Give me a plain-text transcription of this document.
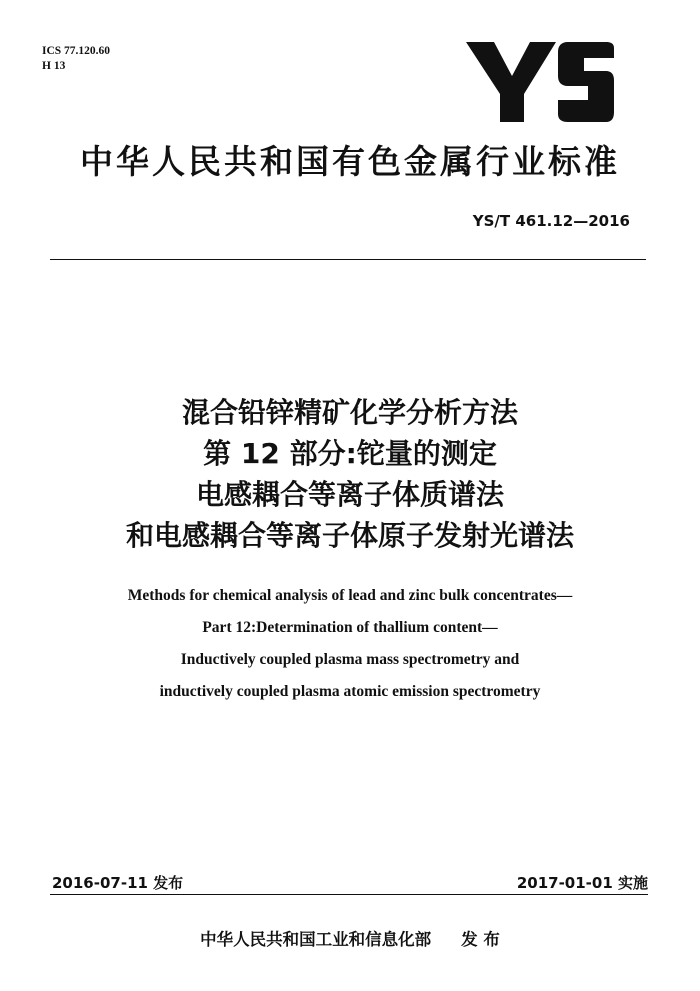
ICS 77.120.60
H 13
中华人民共和国有色金属行业标准
YS/T 461.12—2016
混合铅锌精矿化学分析方法
第 12 部分:铊量的测定
电感耦合等离子体质谱法
和电感耦合等离子体原子发射光谱法
Methods for chemical analysis of lead and zinc bulk concentrates—
Part 12:Determination of thallium content—
Inductively coupled plasma mass spectrometry and
inductively coupled plasma atomic emission spectrometry
2016-07-11 发布	2017-01-01 实施
中华人民共和国工业和信息化部 发 布
